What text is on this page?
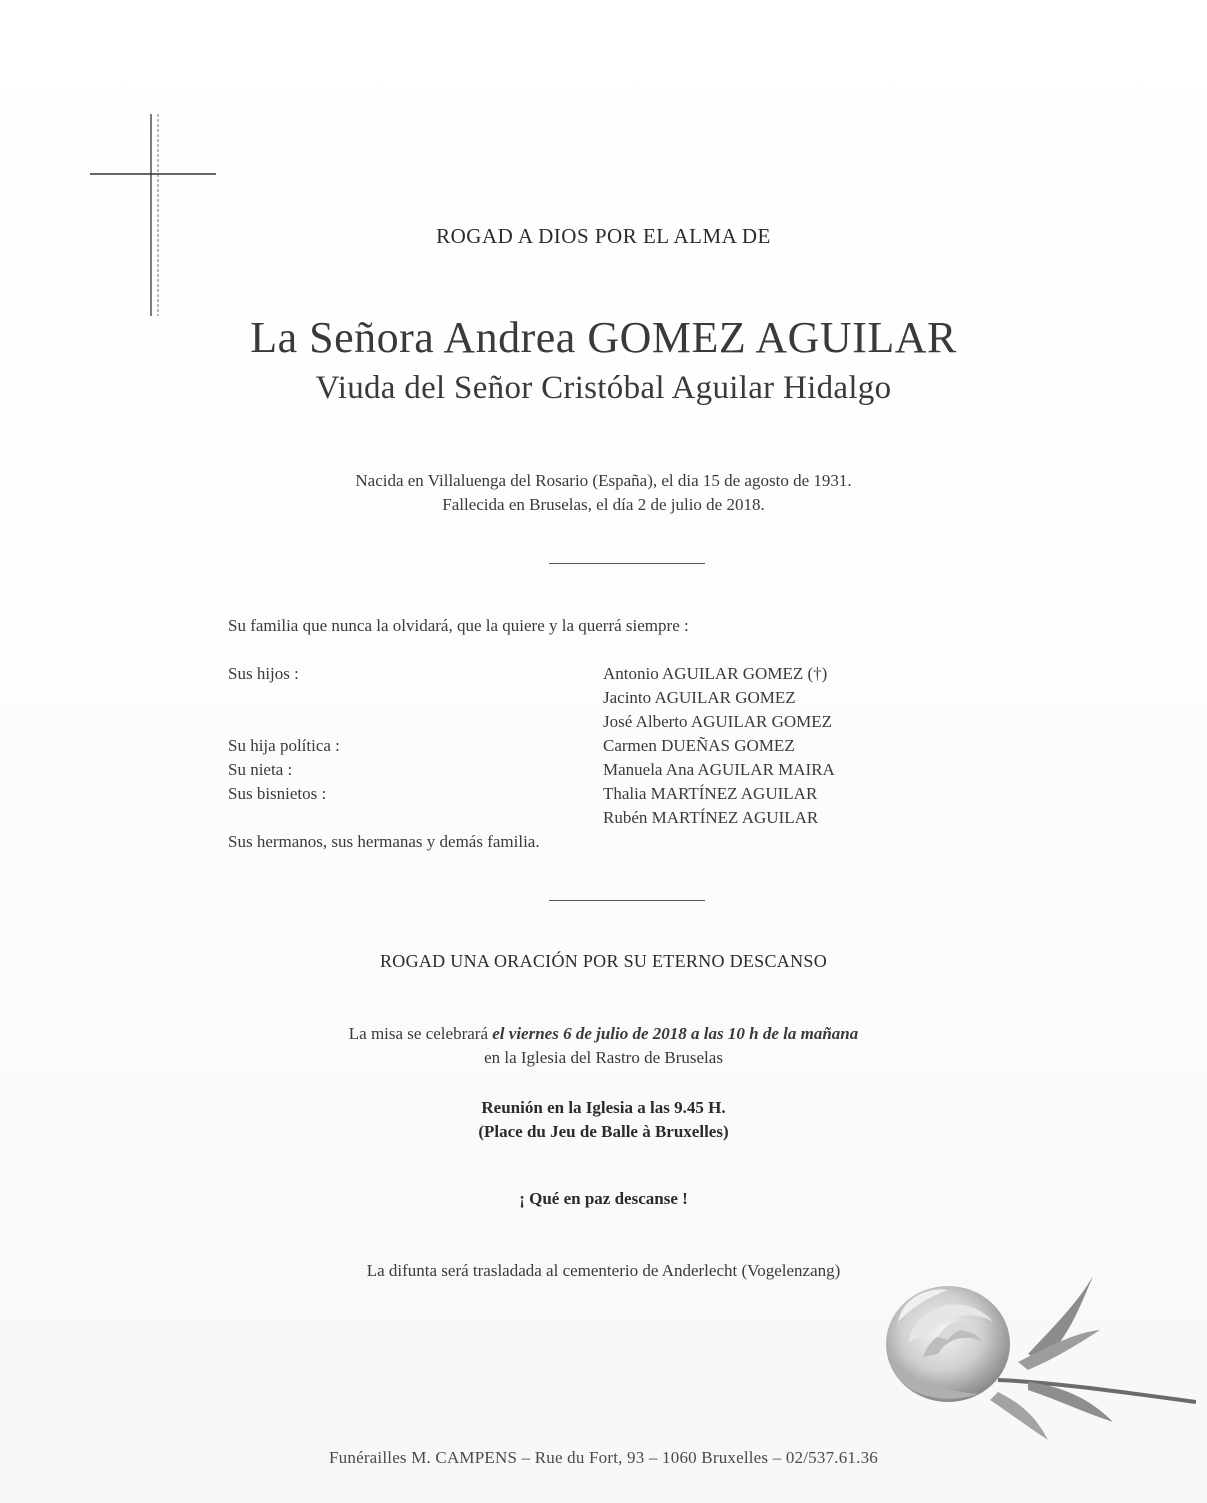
ROGAD A DIOS POR EL ALMA DE
La Señora Andrea GOMEZ AGUILAR
Viuda del Señor Cristóbal Aguilar Hidalgo
Nacida en Villaluenga del Rosario (España), el dia 15 de agosto de 1931.
Fallecida en Bruselas, el día 2 de julio de 2018.
Su familia que nunca la olvidará, que la quiere y la querrá siempre :
Sus hijos :	Antonio AGUILAR GOMEZ (†)
Jacinto AGUILAR GOMEZ
José Alberto AGUILAR GOMEZ
Su hija política :	Carmen DUEÑAS GOMEZ
Su nieta :	Manuela Ana AGUILAR MAIRA
Sus bisnietos :	Thalia MARTÍNEZ AGUILAR
Rubén MARTÍNEZ AGUILAR
Sus hermanos, sus hermanas y demás familia.
ROGAD UNA ORACIÓN POR SU ETERNO DESCANSO
La misa se celebrará el viernes 6 de julio de 2018 a las 10 h de la mañana
en la Iglesia del Rastro de Bruselas
Reunión en la Iglesia a las 9.45 H.
(Place du Jeu de Balle à Bruxelles)
¡ Qué en paz descanse !
La difunta será trasladada al cementerio de Anderlecht (Vogelenzang)
Funérailles M. CAMPENS – Rue du Fort, 93 – 1060 Bruxelles – 02/537.61.36
